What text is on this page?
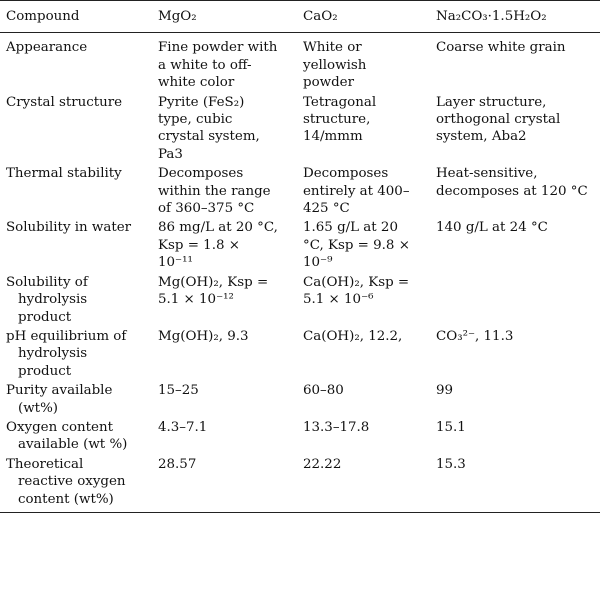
Compound	MgO₂	CaO₂	Na₂CO₃·1.5H₂O₂
Appearance	Fine powder with a white to off-white color	White or yellowish powder	Coarse white grain
Crystal structure	Pyrite (FeS₂) type, cubic crystal system, Pa3	Tetragonal structure, 14/mmm	Layer structure, orthogonal crystal system, Aba2
Thermal stability	Decomposes within the range of 360–375 °C	Decomposes entirely at 400–425 °C	Heat-sensitive, decomposes at 120 °C
Solubility in water	86 mg/L at 20 °C, Ksp = 1.8 × 10⁻¹¹	1.65 g/L at 20 °C, Ksp = 9.8 × 10⁻⁹	140 g/L at 24 °C
Solubility of hydrolysis product	Mg(OH)₂, Ksp = 5.1 × 10⁻¹²	Ca(OH)₂, Ksp = 5.1 × 10⁻⁶	
pH equilibrium of hydrolysis product	Mg(OH)₂, 9.3	Ca(OH)₂, 12.2,	CO₃²⁻, 11.3
Purity available (wt%)	15–25	60–80	99
Oxygen content available (wt %)	4.3–7.1	13.3–17.8	15.1
Theoretical reactive oxygen content (wt%)	28.57	22.22	15.3
